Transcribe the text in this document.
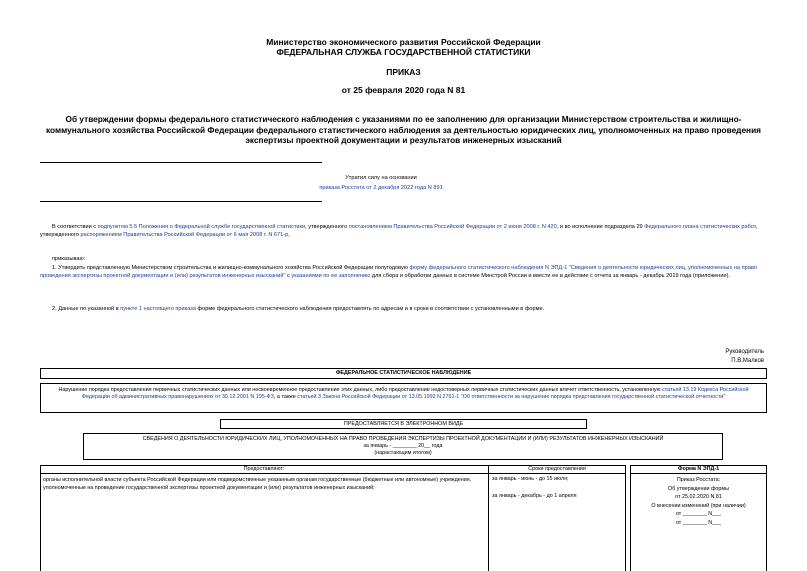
Министерство экономического развития Российской Федерации
ФЕДЕРАЛЬНАЯ СЛУЖБА ГОСУДАРСТВЕННОЙ СТАТИСТИКИ
ПРИКАЗ
от 25 февраля 2020 года N 81
Об утверждении формы федерального статистического наблюдения с указаниями по ее заполнению для организации Министерством строительства и жилищно-коммунального хозяйства Российской Федерации федерального статистического наблюдения за деятельностью юридических лиц, уполномоченных на право проведения экспертизы проектной документации и результатов инженерных изысканий
Утратил силу на основании
приказа Росстата от 2 декабря 2022 года N 891
В соответствии с подпунктом 5.5 Положения о Федеральной службе государственной статистики, утвержденного постановлением Правительства Российской Федерации от 2 июня 2008 г. N 420, и во исполнение подраздела 29 Федерального плана статистических работ, утвержденного распоряжением Правительства Российской Федерации от 6 мая 2008 г. N 671-р,
приказываю:
1. Утвердить представленную Министерством строительства и жилищно-коммунального хозяйства Российской Федерации полугодовую форму федерального статистического наблюдения N ЭПД-1 "Сведения о деятельности юридических лиц, уполномоченных на право проведения экспертизы проектной документации и (или) результатов инженерных изысканий" с указаниями по ее заполнению для сбора и обработки данных в системе Минстрой России и ввести ее в действие с отчета за январь - декабрь 2019 года (приложение).
2. Данные по указанной в пункте 1 настоящего приказа форме федерального статистического наблюдения предоставлять по адресам и в сроки в соответствии с установленными в форме.
Руководитель
П.В.Малков
ФЕДЕРАЛЬНОЕ СТАТИСТИЧЕСКОЕ НАБЛЮДЕНИЕ
Нарушение порядка предоставления первичных статистических данных или несвоевременное предоставление этих данных, либо предоставление недостоверных первичных статистических данных влечет ответственность, установленную статьей 13.19 Кодекса Российской Федерации об административных правонарушениях от 30.12.2001 N 195-ФЗ, а также статьей 3 Закона Российской Федерации от 13.05.1992 N 2761-1 "Об ответственности за нарушение порядка представления государственной статистической отчетности"
ПРЕДОСТАВЛЯЕТСЯ В ЭЛЕКТРОННОМ ВИДЕ
СВЕДЕНИЯ О ДЕЯТЕЛЬНОСТИ ЮРИДИЧЕСКИХ ЛИЦ, УПОЛНОМОЧЕННЫХ НА ПРАВО ПРОВЕДЕНИЯ ЭКСПЕРТИЗЫ ПРОЕКТНОЙ ДОКУМЕНТАЦИИ И (ИЛИ) РЕЗУЛЬТАТОВ ИНЖЕНЕРНЫХ ИЗЫСКАНИЙ
за январь - ________ 20__ года
(нарастающим итогом)
Предоставляют:	Сроки предоставления
органы исполнительной власти субъекта Российской Федерации или подведомственные указанным органам государственные (бюджетные или автономные) учреждения, уполномоченные на проведение государственной экспертизы проектной документации и (или) результатов инженерных изысканий;
за январь - июнь - до 15 июля;
за январь - декабрь - до 1 апреля
Форма N ЭПД-1
Приказ Росстата:
Об утверждении формы
от 25.02.2020 N 81
О внесении изменений (при наличии)
от ________ N___
от ________ N___
